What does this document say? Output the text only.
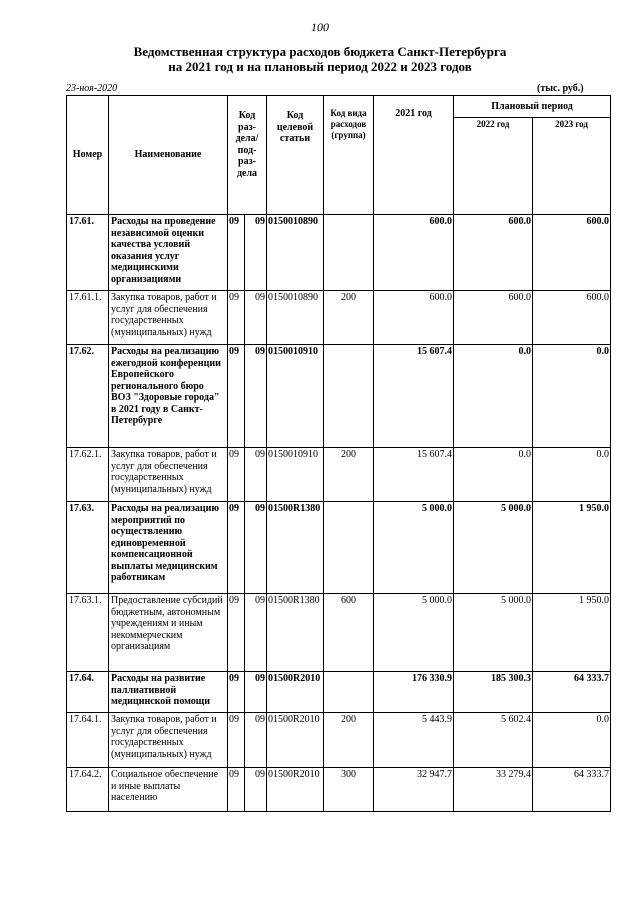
100
Ведомственная структура расходов бюджета Санкт-Петербурга
на 2021 год и на плановый период 2022 и 2023 годов
23-ноя-2020	(тыс. руб.)
Номер	Наименование	Код раз- дела/ под- раз- дела		Код целевой статьи	Код вида расходов (группа)	2021 год	Плановый период	
							2022 год	2023 год
17.61.	Расходы на проведение независимой оценки качества условий оказания услуг медицинскими организациями	09	09	0150010890		600.0	600.0	600.0
17.61.1.	Закупка товаров, работ и услуг для обеспечения государственных (муниципальных) нужд	09	09	0150010890	200	600.0	600.0	600.0
17.62.	Расходы на реализацию ежегодной конференции Европейского регионального бюро ВОЗ "Здоровые города" в 2021 году в Санкт-Петербурге	09	09	0150010910		15 607.4	0.0	0.0
17.62.1.	Закупка товаров, работ и услуг для обеспечения государственных (муниципальных) нужд	09	09	0150010910	200	15 607.4	0.0	0.0
17.63.	Расходы на реализацию мероприятий по осуществлению единовременной компенсационной выплаты медицинским работникам	09	09	01500R1380		5 000.0	5 000.0	1 950.0
17.63.1.	Предоставление субсидий бюджетным, автономным учреждениям и иным некоммерческим организациям	09	09	01500R1380	600	5 000.0	5 000.0	1 950.0
17.64.	Расходы на развитие паллиативной медицинской помощи	09	09	01500R2010		176 330.9	185 300.3	64 333.7
17.64.1.	Закупка товаров, работ и услуг для обеспечения государственных (муниципальных) нужд	09	09	01500R2010	200	5 443.9	5 602.4	0.0
17.64.2.	Социальное обеспечение и иные выплаты населению	09	09	01500R2010	300	32 947.7	33 279.4	64 333.7
